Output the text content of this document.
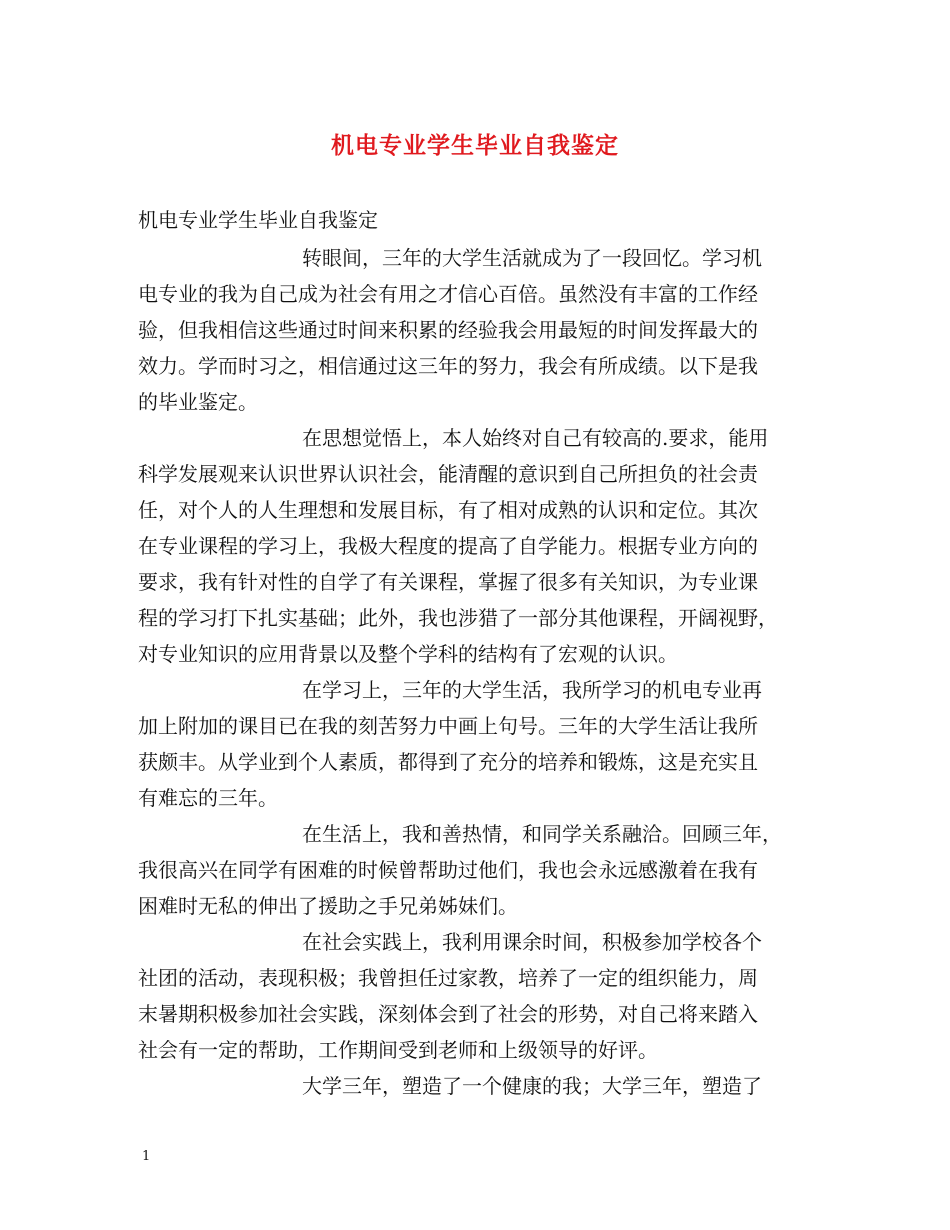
机电专业学生毕业自我鉴定
机电专业学生毕业自我鉴定
转眼间，三年的大学生活就成为了一段回忆。学习机
电专业的我为自己成为社会有用之才信心百倍。虽然没有丰富的工作经
验，但我相信这些通过时间来积累的经验我会用最短的时间发挥最大的
效力。学而时习之，相信通过这三年的努力，我会有所成绩。以下是我
的毕业鉴定。
在思想觉悟上，本人始终对自己有较高的.要求，能用
科学发展观来认识世界认识社会，能清醒的意识到自己所担负的社会责
任，对个人的人生理想和发展目标，有了相对成熟的认识和定位。其次
在专业课程的学习上，我极大程度的提高了自学能力。根据专业方向的
要求，我有针对性的自学了有关课程，掌握了很多有关知识，为专业课
程的学习打下扎实基础；此外，我也涉猎了一部分其他课程，开阔视野，
对专业知识的应用背景以及整个学科的结构有了宏观的认识。
在学习上，三年的大学生活，我所学习的机电专业再
加上附加的课目已在我的刻苦努力中画上句号。三年的大学生活让我所
获颇丰。从学业到个人素质，都得到了充分的培养和锻炼，这是充实且
有难忘的三年。
在生活上，我和善热情，和同学关系融洽。回顾三年，
我很高兴在同学有困难的时候曾帮助过他们，我也会永远感激着在我有
困难时无私的伸出了援助之手兄弟姊妹们。
在社会实践上，我利用课余时间，积极参加学校各个
社团的活动，表现积极；我曾担任过家教，培养了一定的组织能力，周
末暑期积极参加社会实践，深刻体会到了社会的形势，对自己将来踏入
社会有一定的帮助，工作期间受到老师和上级领导的好评。
大学三年，塑造了一个健康的我；大学三年，塑造了
1
